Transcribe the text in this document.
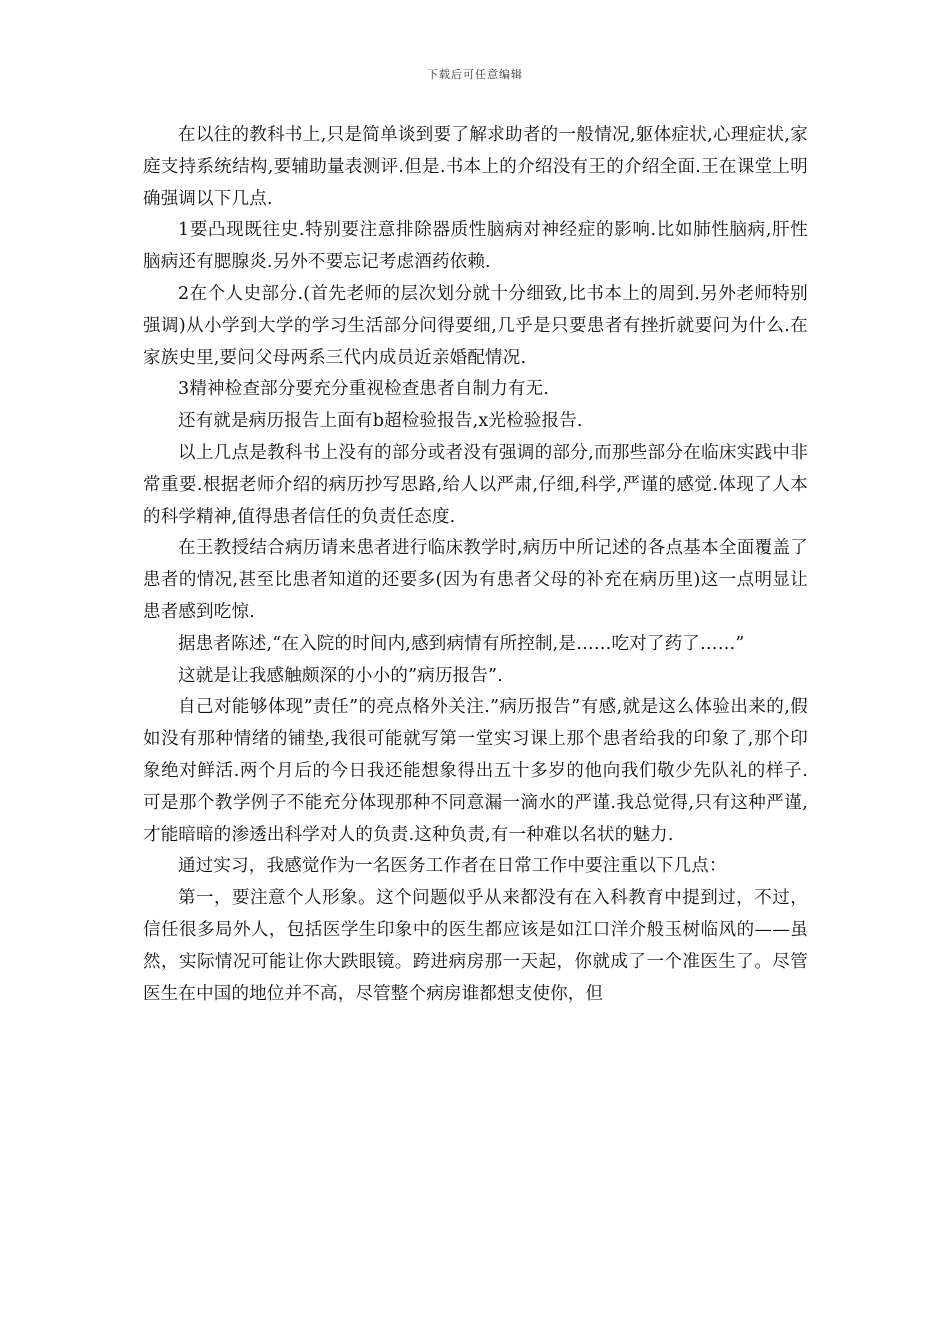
下载后可任意编辑

在以往的教科书上,只是简单谈到要了解求助者的一般情况,躯体症状,心理症状,家庭支持系统结构,要辅助量表测评.但是.书本上的介绍没有王的介绍全面.王在课堂上明确强调以下几点.

1要凸现既往史.特别要注意排除器质性脑病对神经症的影响.比如肺性脑病,肝性脑病还有腮腺炎.另外不要忘记考虑酒药依赖.

2在个人史部分.(首先老师的层次划分就十分细致,比书本上的周到.另外老师特别强调)从小学到大学的学习生活部分问得要细,几乎是只要患者有挫折就要问为什么.在家族史里,要问父母两系三代内成员近亲婚配情况.

3精神检查部分要充分重视检查患者自制力有无.

还有就是病历报告上面有b超检验报告,x光检验报告.

以上几点是教科书上没有的部分或者没有强调的部分,而那些部分在临床实践中非常重要.根据老师介绍的病历抄写思路,给人以严肃,仔细,科学,严谨的感觉.体现了人本的科学精神,值得患者信任的负责任态度.

在王教授结合病历请来患者进行临床教学时,病历中所记述的各点基本全面覆盖了患者的情况,甚至比患者知道的还要多(因为有患者父母的补充在病历里)这一点明显让患者感到吃惊.

据患者陈述,“在入院的时间内,感到病情有所控制,是……吃对了药了……”

这就是让我感触颇深的小小的”病历报告”.

自己对能够体现”责任”的亮点格外关注.”病历报告”有感,就是这么体验出来的,假如没有那种情绪的铺垫,我很可能就写第一堂实习课上那个患者给我的印象了,那个印象绝对鲜活.两个月后的今日我还能想象得出五十多岁的他向我们敬少先队礼的样子.可是那个教学例子不能充分体现那种不同意漏一滴水的严谨.我总觉得,只有这种严谨,才能暗暗的渗透出科学对人的负责.这种负责,有一种难以名状的魅力.

通过实习，我感觉作为一名医务工作者在日常工作中要注重以下几点：

第一，要注意个人形象。这个问题似乎从来都没有在入科教育中提到过，不过，信任很多局外人，包括医学生印象中的医生都应该是如江口洋介般玉树临风的——虽然，实际情况可能让你大跌眼镜。跨进病房那一天起，你就成了一个准医生了。尽管医生在中国的地位并不高，尽管整个病房谁都想支使你，但
